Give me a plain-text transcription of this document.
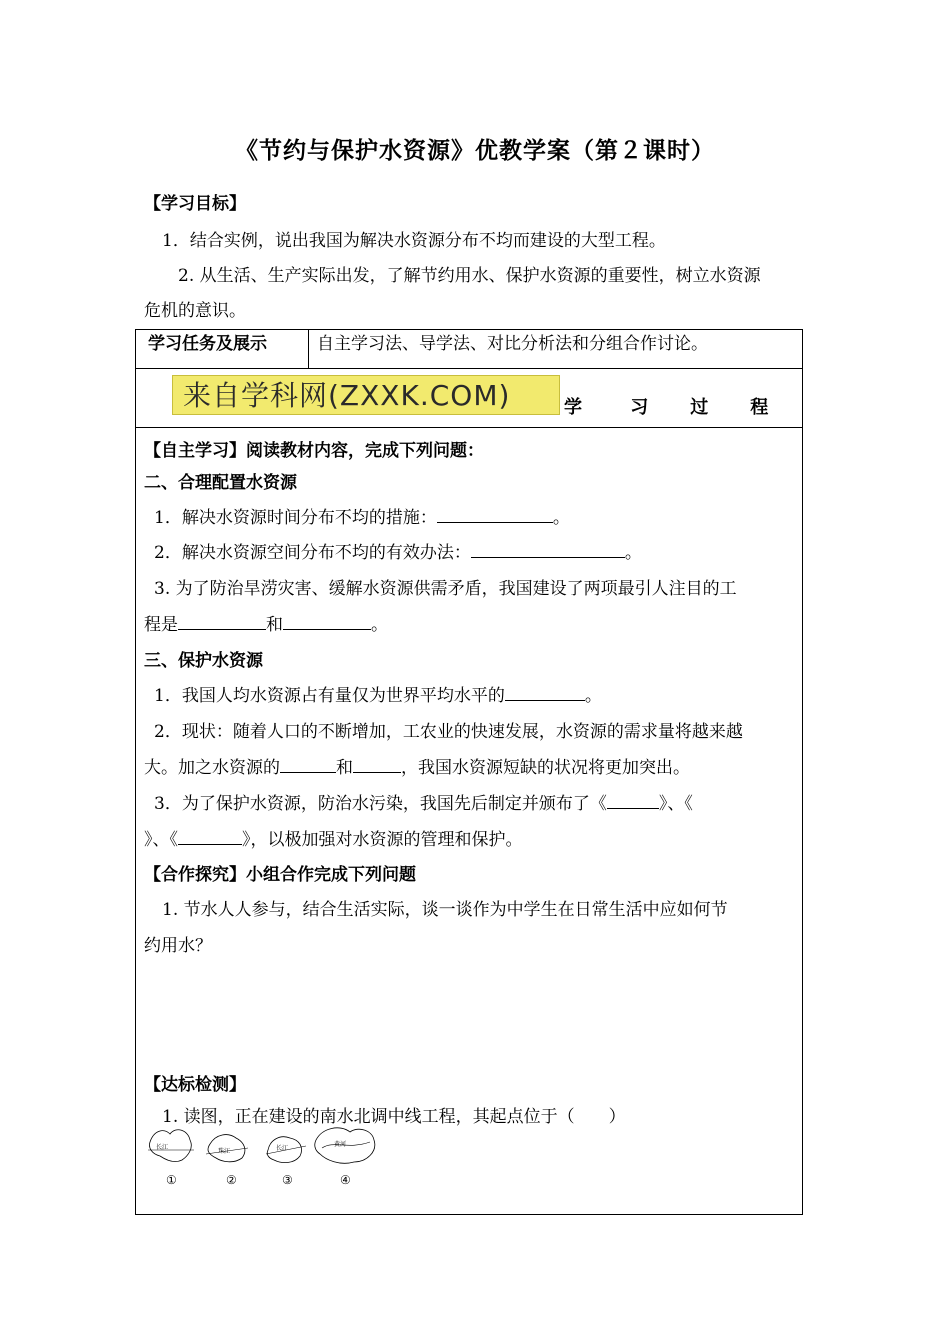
《节约与保护水资源》优教学案（第２课时）
【学习目标】
1．结合实例，说出我国为解决水资源分布不均而建设的大型工程。
2. 从生活、生产实际出发，了解节约用水、保护水资源的重要性，树立水资源
危机的意识。
学习任务及展示	自主学习法、导学法、对比分析法和分组合作讨论。

来自学科网(ZXXK.COM)	学	习 过 程

【自主学习】阅读教材内容，完成下列问题：
二、合理配置水资源
1．解决水资源时间分布不均的措施：	。
2．解决水资源空间分布不均的有效办法：	。
3. 为了防治旱涝灾害、缓解水资源供需矛盾，我国建设了两项最引人注目的工
程是	和	。
三、保护水资源
1．我国人均水资源占有量仅为世界平均水平的	。
2．现状：随着人口的不断增加，工农业的快速发展，水资源的需求量将越来越
大。加之水资源的	和	，我国水资源短缺的状况将更加突出。
3．为了保护水资源，防治水污染，我国先后制定并颁布了《	》、《
》、《	》，以极加强对水资源的管理和保护。
【合作探究】小组合作完成下列问题
1. 节水人人参与，结合生活实际，谈一谈作为中学生在日常生活中应如何节
约用水？
【达标检测】
1. 读图，正在建设的南水北调中线工程，其起点位于（　　）
长江
①
珠江
②
长江
③
黄河
④
